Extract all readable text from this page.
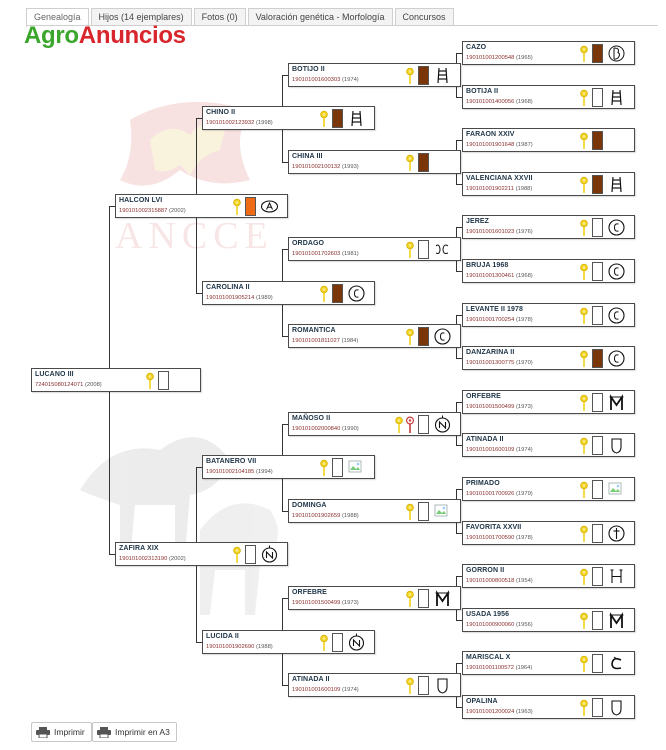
Genealogía	Hijos (14 ejemplares)	Fotos (0)	Valoración genética - Morfología	Concursos
ANCCE
AgroAnuncios
LUCANO III
724015080124071 (2008)
HALCON LVI
190101002315887 (2002)
ZAFIRA XIX
190101002313190 (2002)
CHINO II
190101002123932 (1998)
CAROLINA II
190101001905214 (1989)
BATANERO VII
190101002104185 (1994)
LUCIDA II
190101001902690 (1988)
BOTIJO II
190101001600303 (1974)
CHINA III
190101002100132 (1993)
ORDAGO
190101001702603 (1981)
ROMANTICA
190101001811027 (1984)
MAÑOSO II
190101002000840 (1990)
DOMINGA
190101001902659 (1988)
ORFEBRE
190101001500499 (1973)
ATINADA II
190101001600109 (1974)
CAZO
190101001200548 (1965)
BOTIJA II
190101001400056 (1968)
FARAON XXIV
190101001901648 (1987)
VALENCIANA XXVII
190101001902211 (1988)
JEREZ
190101001601023 (1976)
BRUJA 1968
190101001300461 (1968)
LEVANTE II 1978
190101001700254 (1978)
DANZARINA II
190101001300775 (1970)
ORFEBRE
190101001500499 (1973)
ATINADA II
190101001600109 (1974)
PRIMADO
190101001700926 (1979)
FAVORITA XXVII
190101001700590 (1978)
GORRON II
190101000800518 (1954)
USADA 1956
190101000900060 (1956)
MARISCAL X
190101001100572 (1964)
OPALINA
190101001200024 (1963)
Imprimir	Imprimir en A3
